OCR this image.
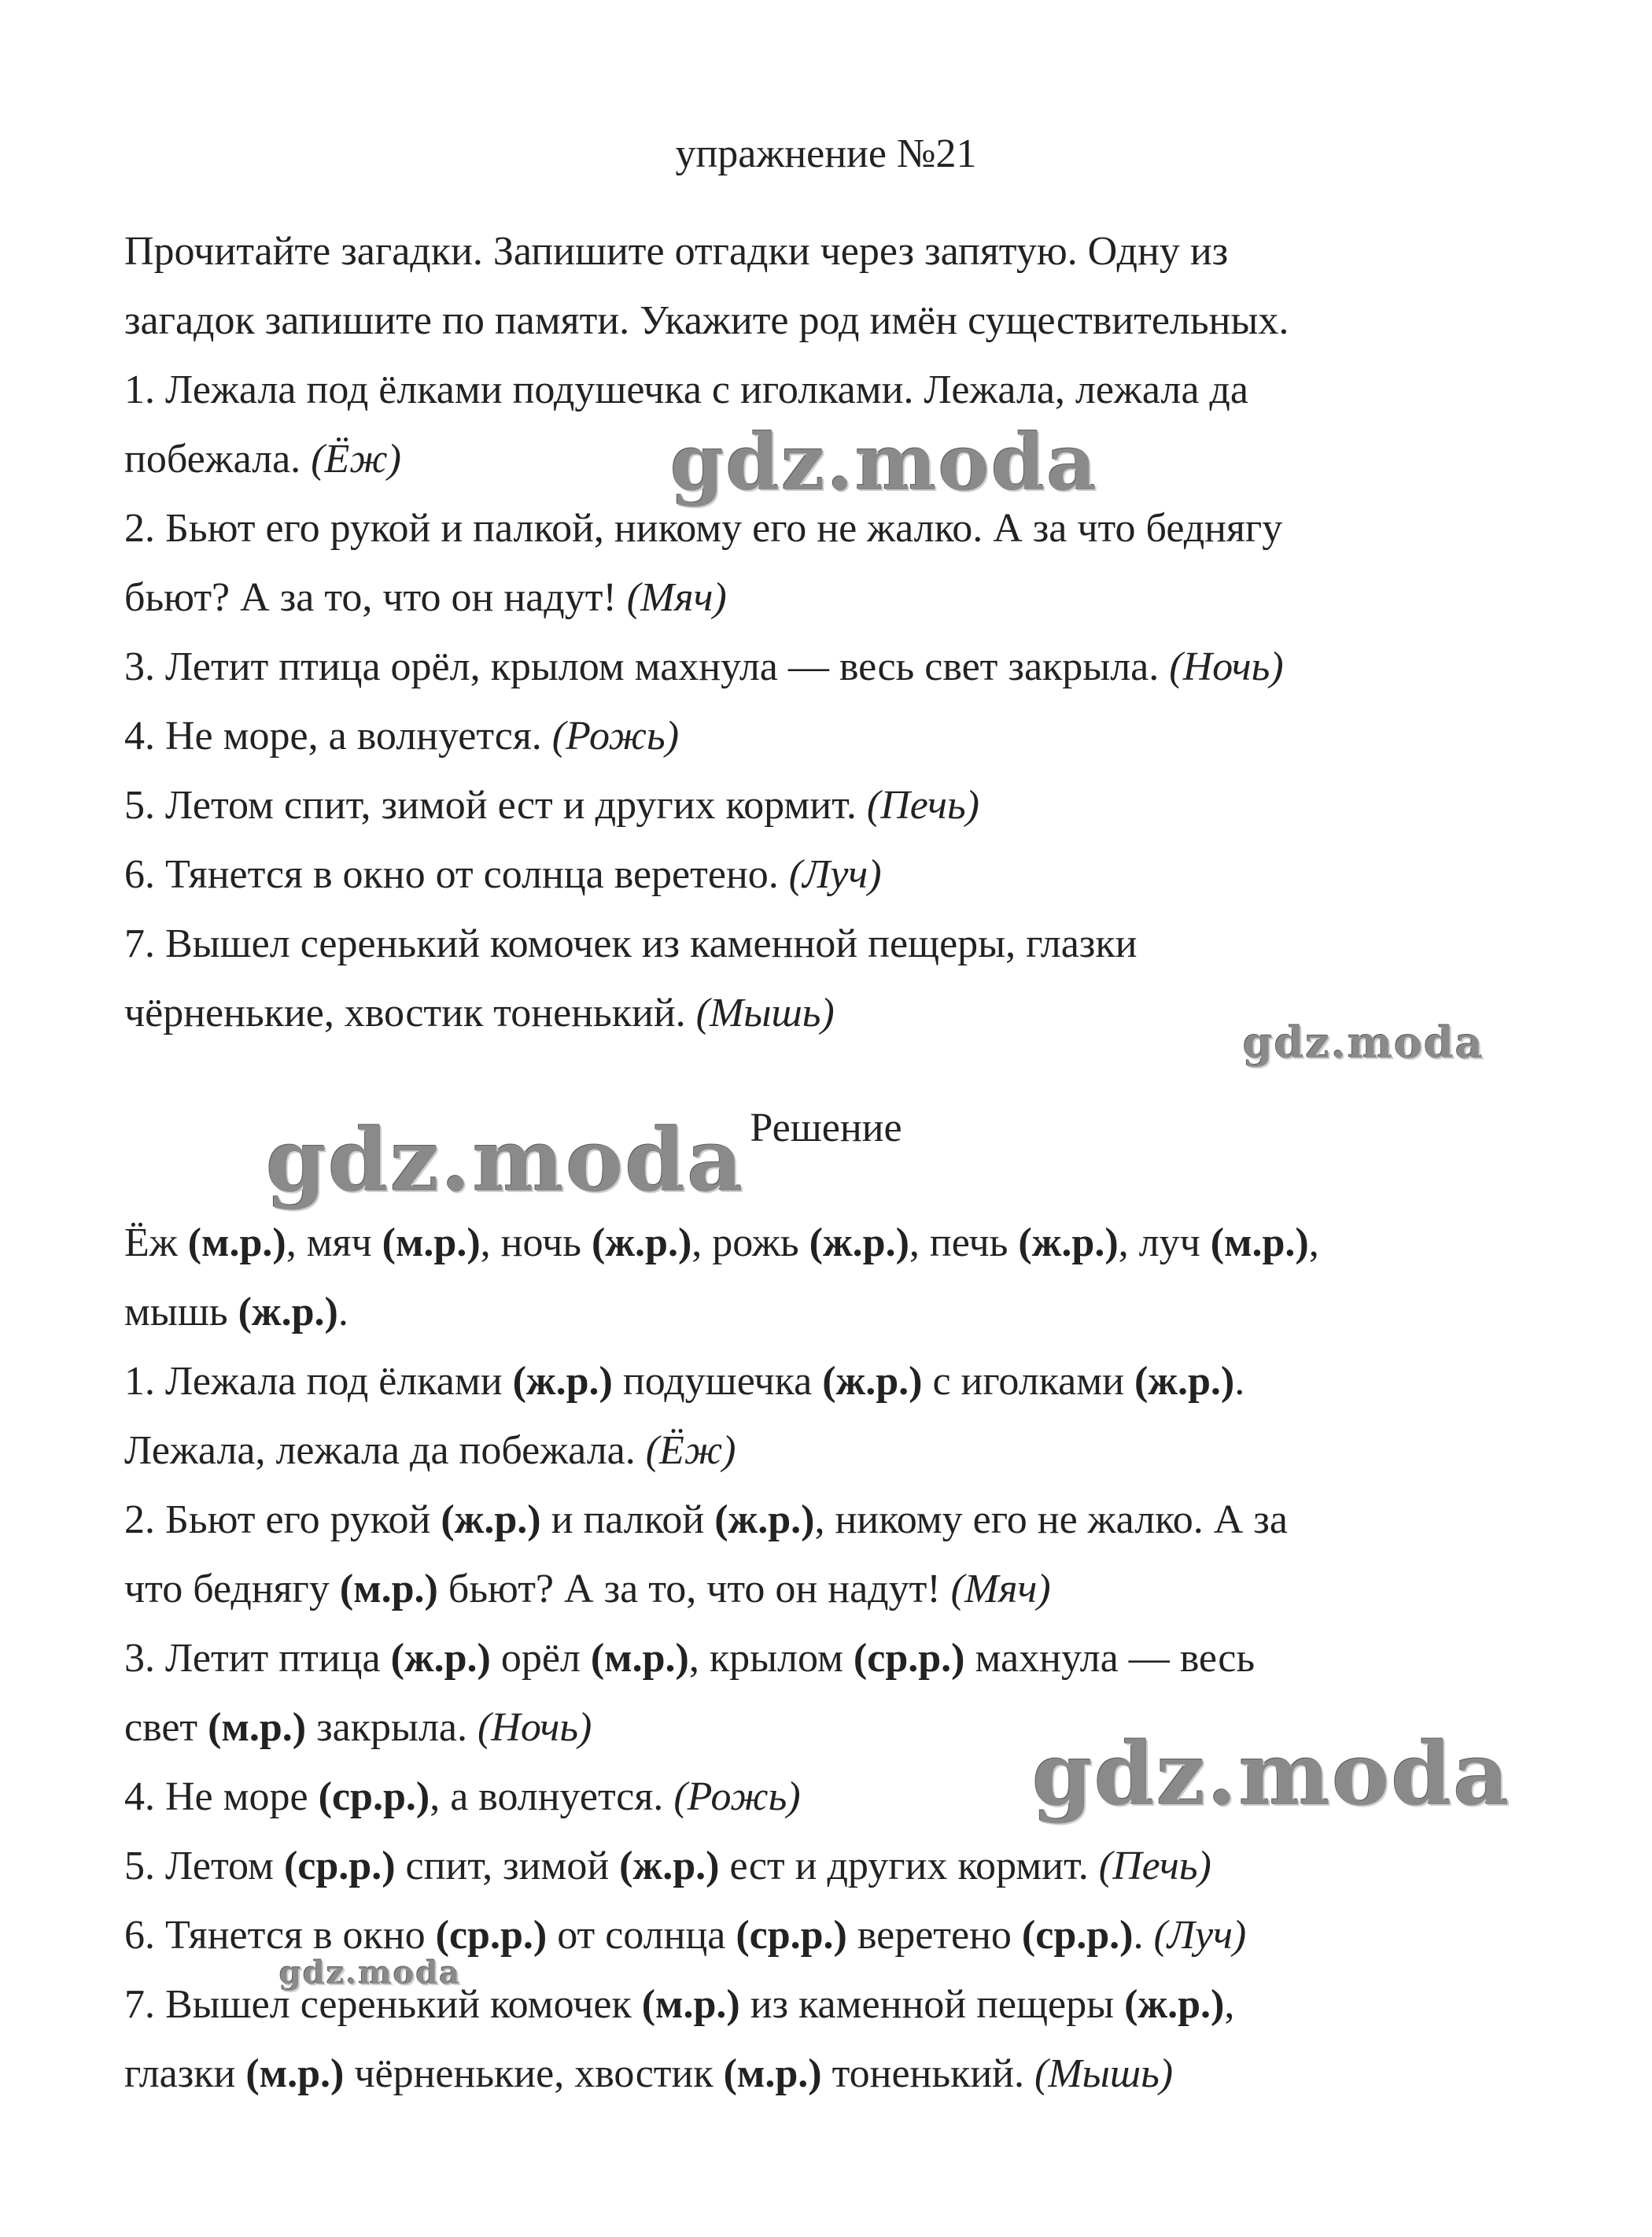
упражнение №21
Прочитайте загадки. Запишите отгадки через запятую. Одну из
загадок запишите по памяти. Укажите род имён существительных.
1. Лежала под ёлками подушечка с иголками. Лежала, лежала да
побежала. (Ёж)
2. Бьют его рукой и палкой, никому его не жалко. А за что беднягу
бьют? А за то, что он надут! (Мяч)
3. Летит птица орёл, крылом махнула — весь свет закрыла. (Ночь)
4. Не море, а волнуется. (Рожь)
5. Летом спит, зимой ест и других кормит. (Печь)
6. Тянется в окно от солнца веретено. (Луч)
7. Вышел серенький комочек из каменной пещеры, глазки
чёрненькие, хвостик тоненький. (Мышь)
Решение
Ёж (м.р.), мяч (м.р.), ночь (ж.р.), рожь (ж.р.), печь (ж.р.), луч (м.р.),
мышь (ж.р.).
1. Лежала под ёлками (ж.р.) подушечка (ж.р.) с иголками (ж.р.).
Лежала, лежала да побежала. (Ёж)
2. Бьют его рукой (ж.р.) и палкой (ж.р.), никому его не жалко. А за
что беднягу (м.р.) бьют? А за то, что он надут! (Мяч)
3. Летит птица (ж.р.) орёл (м.р.), крылом (ср.р.) махнула — весь
свет (м.р.) закрыла. (Ночь)
4. Не море (ср.р.), а волнуется. (Рожь)
5. Летом (ср.р.) спит, зимой (ж.р.) ест и других кормит. (Печь)
6. Тянется в окно (ср.р.) от солнца (ср.р.) веретено (ср.р.). (Луч)
7. Вышел серенький комочек (м.р.) из каменной пещеры (ж.р.),
глазки (м.р.) чёрненькие, хвостик (м.р.) тоненький. (Мышь)
gdz.moda
gdz.moda
gdz.moda
gdz.moda
gdz.moda
